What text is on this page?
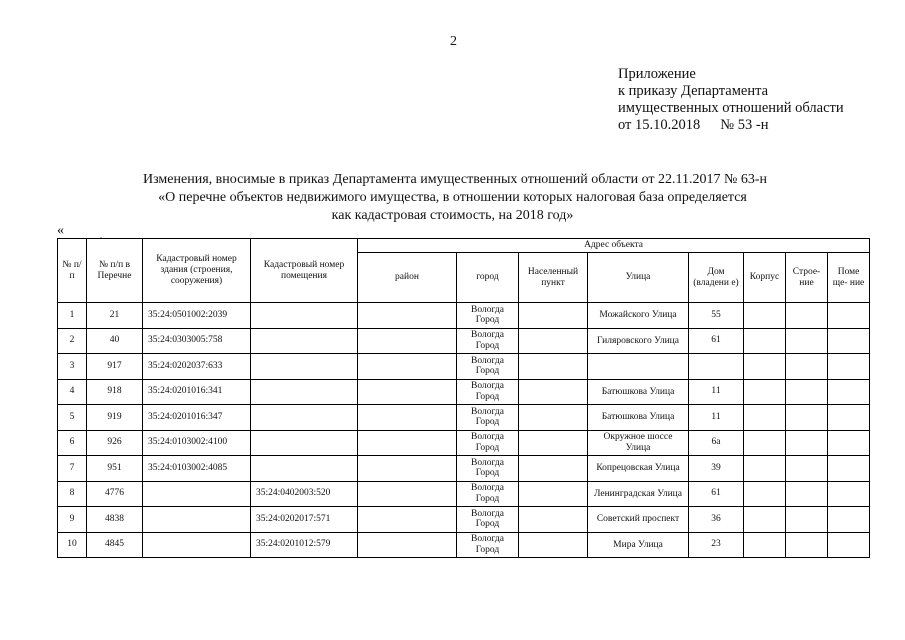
2
Приложение
к приказу Департамента
имущественных отношений области
от 15.10.2018 № 53 -н
Изменения, вносимые в приказ Департамента имущественных отношений области от 22.11.2017 № 63-н
«О перечне объектов недвижимого имущества, в отношении которых налоговая база определяется
как кадастровая стоимость, на 2018 год»
«	.
№ п/п	№ п/п в Перечне	Кадастровый номер здания (строения, сооружения)	Кадастровый номер помещения	Адрес объекта							
				район	город	Населенный пункт	Улица	Дом (владени е)	Корпус	Строе- ние	Поме ще- ние
1	21	35:24:0501002:2039			Вологда Город		Можайского Улица	55			
2	40	35:24:0303005:758			Вологда Город		Гиляровского Улица	61			
3	917	35:24:0202037:633			Вологда Город						
4	918	35:24:0201016:341			Вологда Город		Батюшкова Улица	11			
5	919	35:24:0201016:347			Вологда Город		Батюшкова Улица	11			
6	926	35:24:0103002:4100			Вологда Город		Окружное шоссе Улица	6а			
7	951	35:24:0103002:4085			Вологда Город		Копрецовская Улица	39			
8	4776		35:24:0402003:520		Вологда Город		Ленинградская Улица	61			
9	4838		35:24:0202017:571		Вологда Город		Советский проспект	36			
10	4845		35:24:0201012:579		Вологда Город		Мира Улица	23			
